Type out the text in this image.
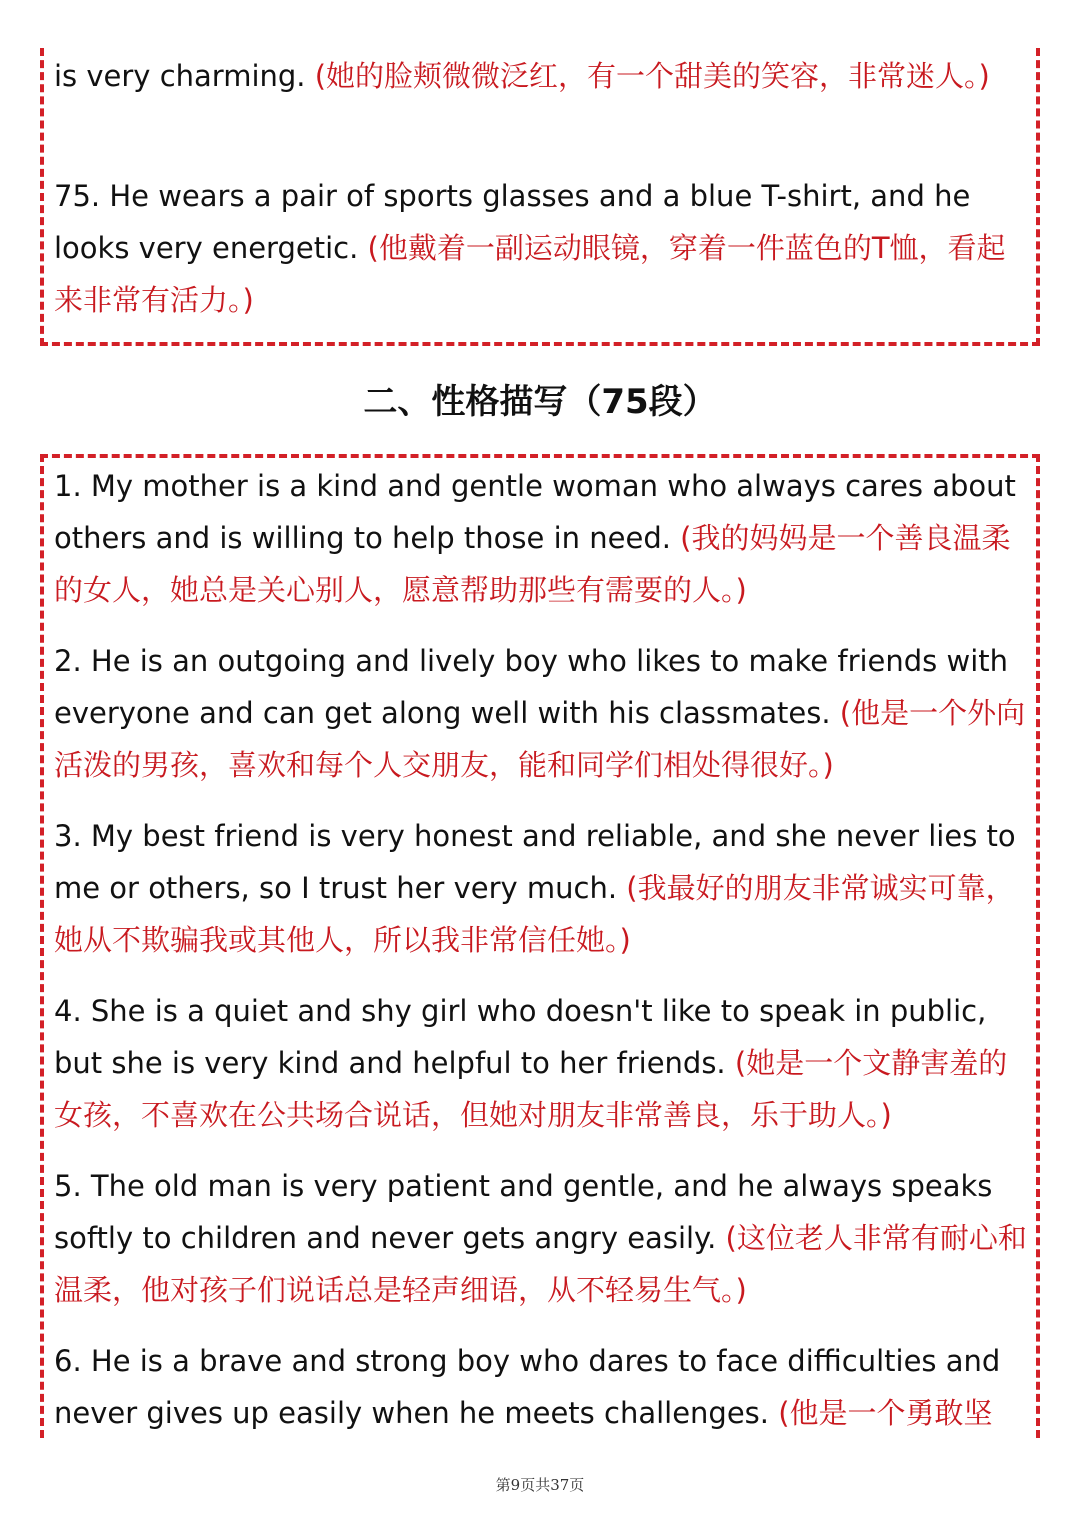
is very charming. (她的脸颊微微泛红，有一个甜美的笑容，非常迷人。)

75. He wears a pair of sports glasses and a blue T-shirt, and he looks very energetic. (他戴着一副运动眼镜，穿着一件蓝色的T恤，看起来非常有活力。)

二、性格描写（75段）

1. My mother is a kind and gentle woman who always cares about others and is willing to help those in need. (我的妈妈是一个善良温柔的女人，她总是关心别人，愿意帮助那些有需要的人。)

2. He is an outgoing and lively boy who likes to make friends with everyone and can get along well with his classmates. (他是一个外向活泼的男孩，喜欢和每个人交朋友，能和同学们相处得很好。)

3. My best friend is very honest and reliable, and she never lies to me or others, so I trust her very much. (我最好的朋友非常诚实可靠，她从不欺骗我或其他人，所以我非常信任她。)

4. She is a quiet and shy girl who doesn't like to speak in public, but she is very kind and helpful to her friends. (她是一个文静害羞的女孩，不喜欢在公共场合说话，但她对朋友非常善良，乐于助人。)

5. The old man is very patient and gentle, and he always speaks softly to children and never gets angry easily. (这位老人非常有耐心和温柔，他对孩子们说话总是轻声细语，从不轻易生气。)

6. He is a brave and strong boy who dares to face difficulties and never gives up easily when he meets challenges. (他是一个勇敢坚

第9页共37页
